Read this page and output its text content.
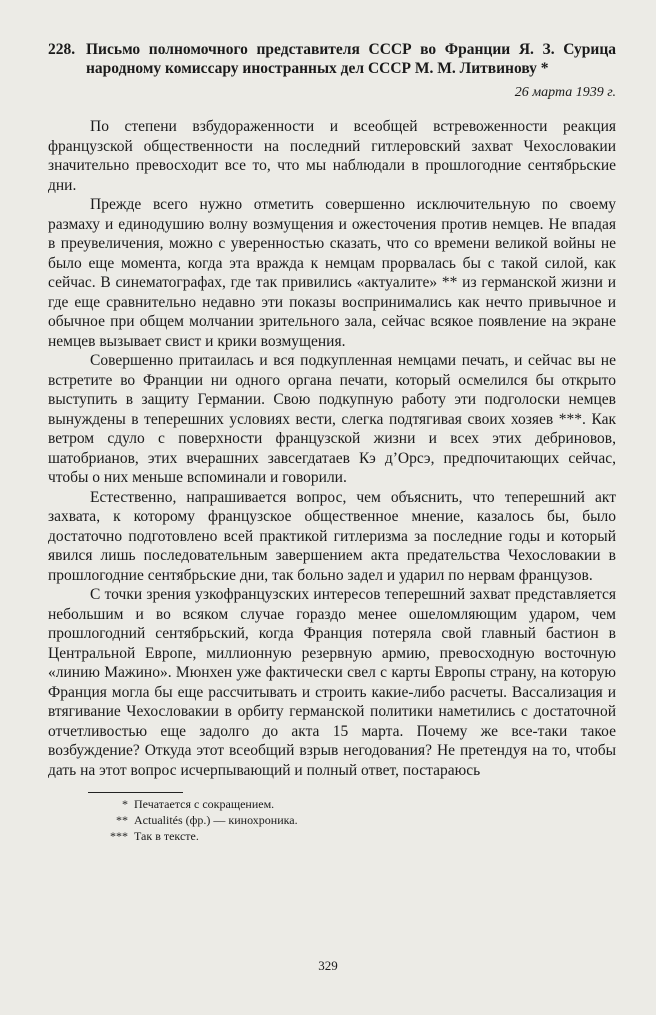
228. Письмо полномочного представителя СССР во Франции Я. З. Сурица народному комиссару иностранных дел СССР М. М. Литвинову *
26 марта 1939 г.

По степени взбудораженности и всеобщей встревоженности реакция французской общественности на последний гитлеровский захват Чехословакии значительно превосходит все то, что мы наблюдали в прошлогодние сентябрьские дни.

Прежде всего нужно отметить совершенно исключительную по своему размаху и единодушию волну возмущения и ожесточения против немцев. Не впадая в преувеличения, можно с уверенностью сказать, что со времени великой войны не было еще момента, когда эта вражда к немцам прорвалась бы с такой силой, как сейчас. В синематографах, где так привились «актуалите» ** из германской жизни и где еще сравнительно недавно эти показы воспринимались как нечто привычное и обычное при общем молчании зрительного зала, сейчас всякое появление на экране немцев вызывает свист и крики возмущения.

Совершенно притаилась и вся подкупленная немцами печать, и сейчас вы не встретите во Франции ни одного органа печати, который осмелился бы открыто выступить в защиту Германии. Свою подкупную работу эти подголоски немцев вынуждены в теперешних условиях вести, слегка подтягивая своих хозяев ***. Как ветром сдуло с поверхности французской жизни и всех этих дебриновов, шатобрианов, этих вчерашних завсегдатаев Кэ д’Орсэ, предпочитающих сейчас, чтобы о них меньше вспоминали и говорили.

Естественно, напрашивается вопрос, чем объяснить, что теперешний акт захвата, к которому французское общественное мнение, казалось бы, было достаточно подготовлено всей практикой гитлеризма за последние годы и который явился лишь последовательным завершением акта предательства Чехословакии в прошлогодние сентябрьские дни, так больно задел и ударил по нервам французов.

С точки зрения узкофранцузских интересов теперешний захват представляется небольшим и во всяком случае гораздо менее ошеломляющим ударом, чем прошлогодний сентябрьский, когда Франция потеряла свой главный бастион в Центральной Европе, миллионную резервную армию, превосходную восточную «линию Мажино». Мюнхен уже фактически свел с карты Европы страну, на которую Франция могла бы еще рассчитывать и строить какие-либо расчеты. Вассализация и втягивание Чехословакии в орбиту германской политики наметились с достаточной отчетливостью еще задолго до акта 15 марта. Почему же все-таки такое возбуждение? Откуда этот всеобщий взрыв негодования? Не претендуя на то, чтобы дать на этот вопрос исчерпывающий и полный ответ, постараюсь

* Печатается с сокращением.
** Actualités (фр.) — кинохроника.
*** Так в тексте.
329
